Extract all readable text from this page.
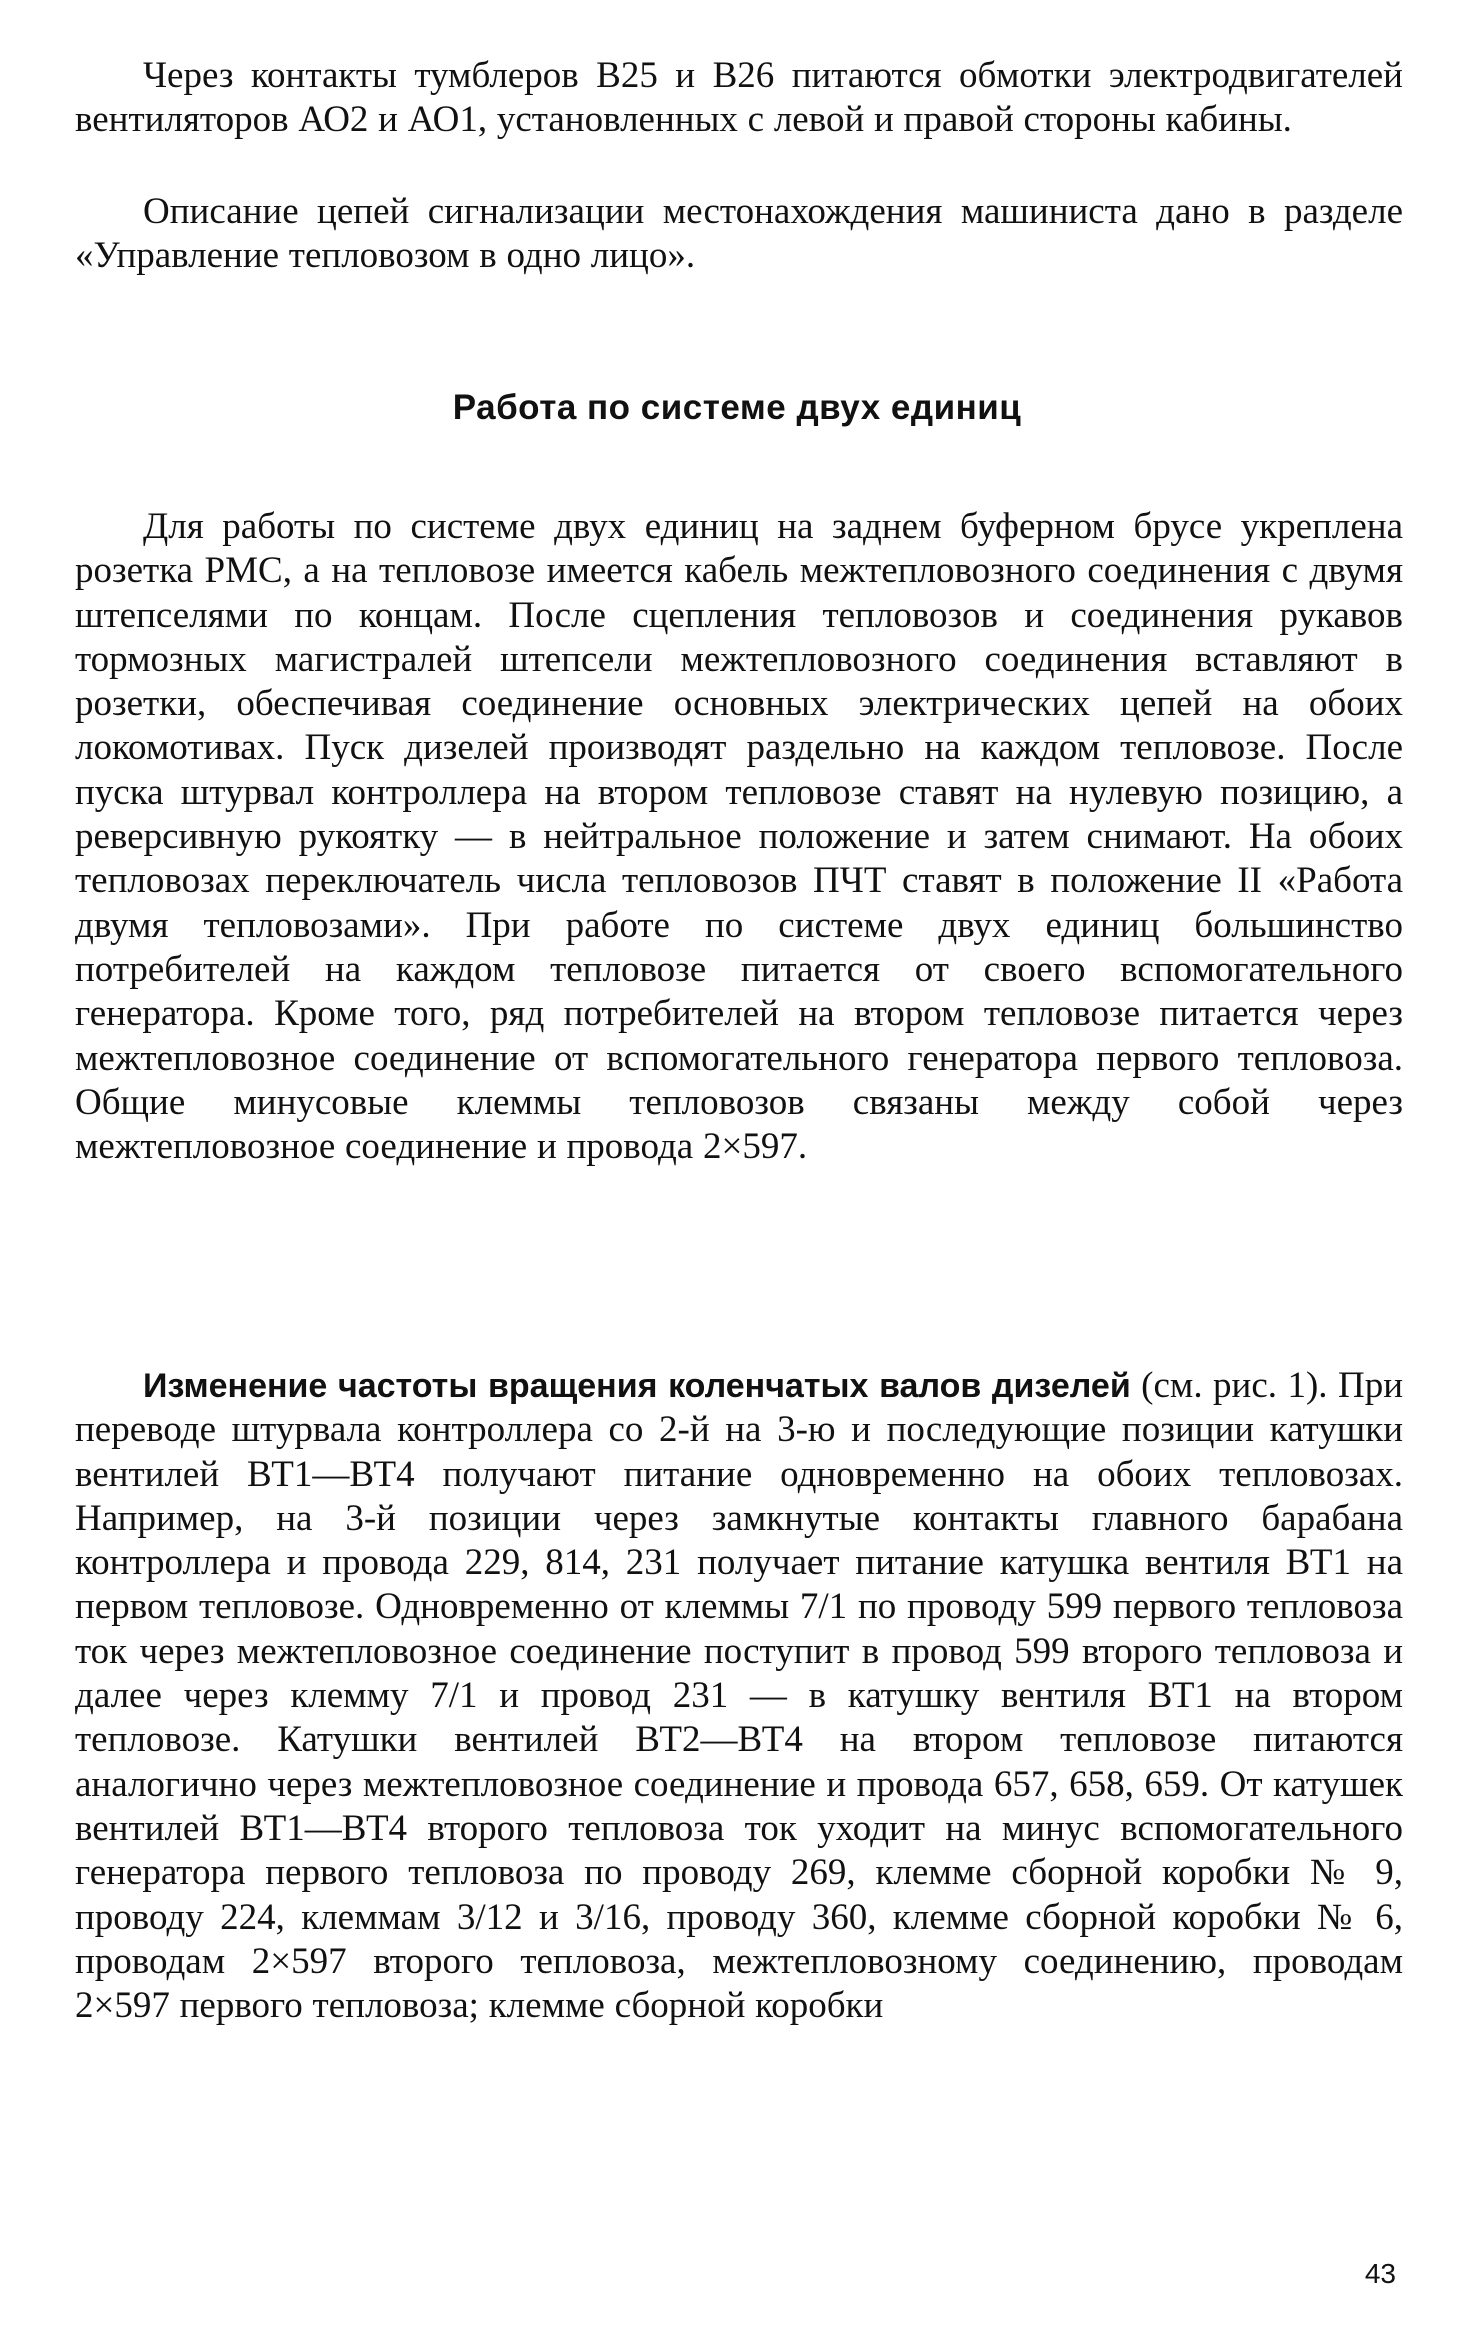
Через контакты тумблеров В25 и В26 питаются обмотки электродвигателей вентиляторов АО2 и АО1, установленных с левой и правой стороны кабины.

Описание цепей сигнализации местонахождения машиниста дано в разделе «Управление тепловозом в одно лицо».

Работа по системе двух единиц

Для работы по системе двух единиц на заднем буферном брусе укреплена розетка РМС, а на тепловозе имеется кабель межтепловозного соединения с двумя штепселями по концам. После сцепления тепловозов и соединения рукавов тормозных магистралей штепсели межтепловозного соединения вставляют в розетки, обеспечивая соединение основных электрических цепей на обоих локомотивах. Пуск дизелей производят раздельно на каждом тепловозе. После пуска штурвал контроллера на втором тепловозе ставят на нулевую позицию, а реверсивную рукоятку — в нейтральное положение и затем снимают. На обоих тепловозах переключатель числа тепловозов ПЧТ ставят в положение II «Работа двумя тепловозами». При работе по системе двух единиц большинство потребителей на каждом тепловозе питается от своего вспомогательного генератора. Кроме того, ряд потребителей на втором тепловозе питается через межтепловозное соединение от вспомогательного генератора первого тепловоза. Общие минусовые клеммы тепловозов связаны между собой через межтепловозное соединение и провода 2×597.

Изменение частоты вращения коленчатых валов дизелей (см. рис. 1). При переводе штурвала контроллера со 2-й на 3-ю и последующие позиции катушки вентилей ВТ1—ВТ4 получают питание одновременно на обоих тепловозах. Например, на 3-й позиции через замкнутые контакты главного барабана контроллера и провода 229, 814, 231 получает питание катушка вентиля ВТ1 на первом тепловозе. Одновременно от клеммы 7/1 по проводу 599 первого тепловоза ток через межтепловозное соединение поступит в провод 599 второго тепловоза и далее через клемму 7/1 и провод 231 — в катушку вентиля ВТ1 на втором тепловозе. Катушки вентилей ВТ2—ВТ4 на втором тепловозе питаются аналогично через межтепловозное соединение и провода 657, 658, 659. От катушек вентилей ВТ1—ВТ4 второго тепловоза ток уходит на минус вспомогательного генератора первого тепловоза по проводу 269, клемме сборной коробки № 9, проводу 224, клеммам 3/12 и 3/16, проводу 360, клемме сборной коробки № 6, проводам 2×597 второго тепловоза, межтепловозному соединению, проводам 2×597 первого тепловоза; клемме сборной коробки

43
